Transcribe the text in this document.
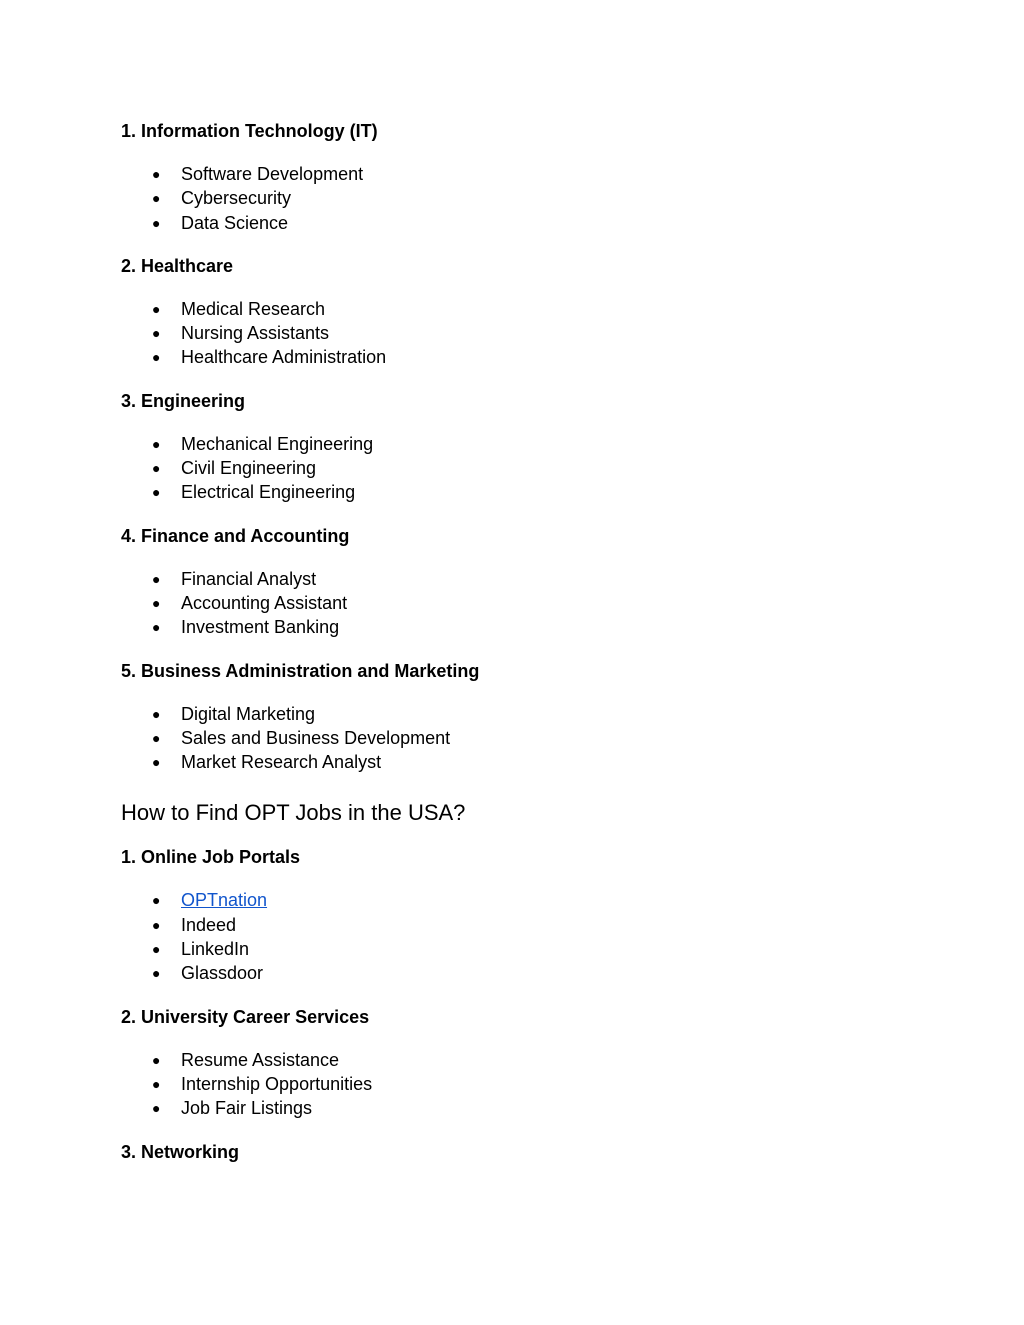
1. Information Technology (IT)
● Software Development
● Cybersecurity
● Data Science
2. Healthcare
● Medical Research
● Nursing Assistants
● Healthcare Administration
3. Engineering
● Mechanical Engineering
● Civil Engineering
● Electrical Engineering
4. Finance and Accounting
● Financial Analyst
● Accounting Assistant
● Investment Banking
5. Business Administration and Marketing
● Digital Marketing
● Sales and Business Development
● Market Research Analyst
How to Find OPT Jobs in the USA?
1. Online Job Portals
● OPTnation
● Indeed
● LinkedIn
● Glassdoor
2. University Career Services
● Resume Assistance
● Internship Opportunities
● Job Fair Listings
3. Networking
